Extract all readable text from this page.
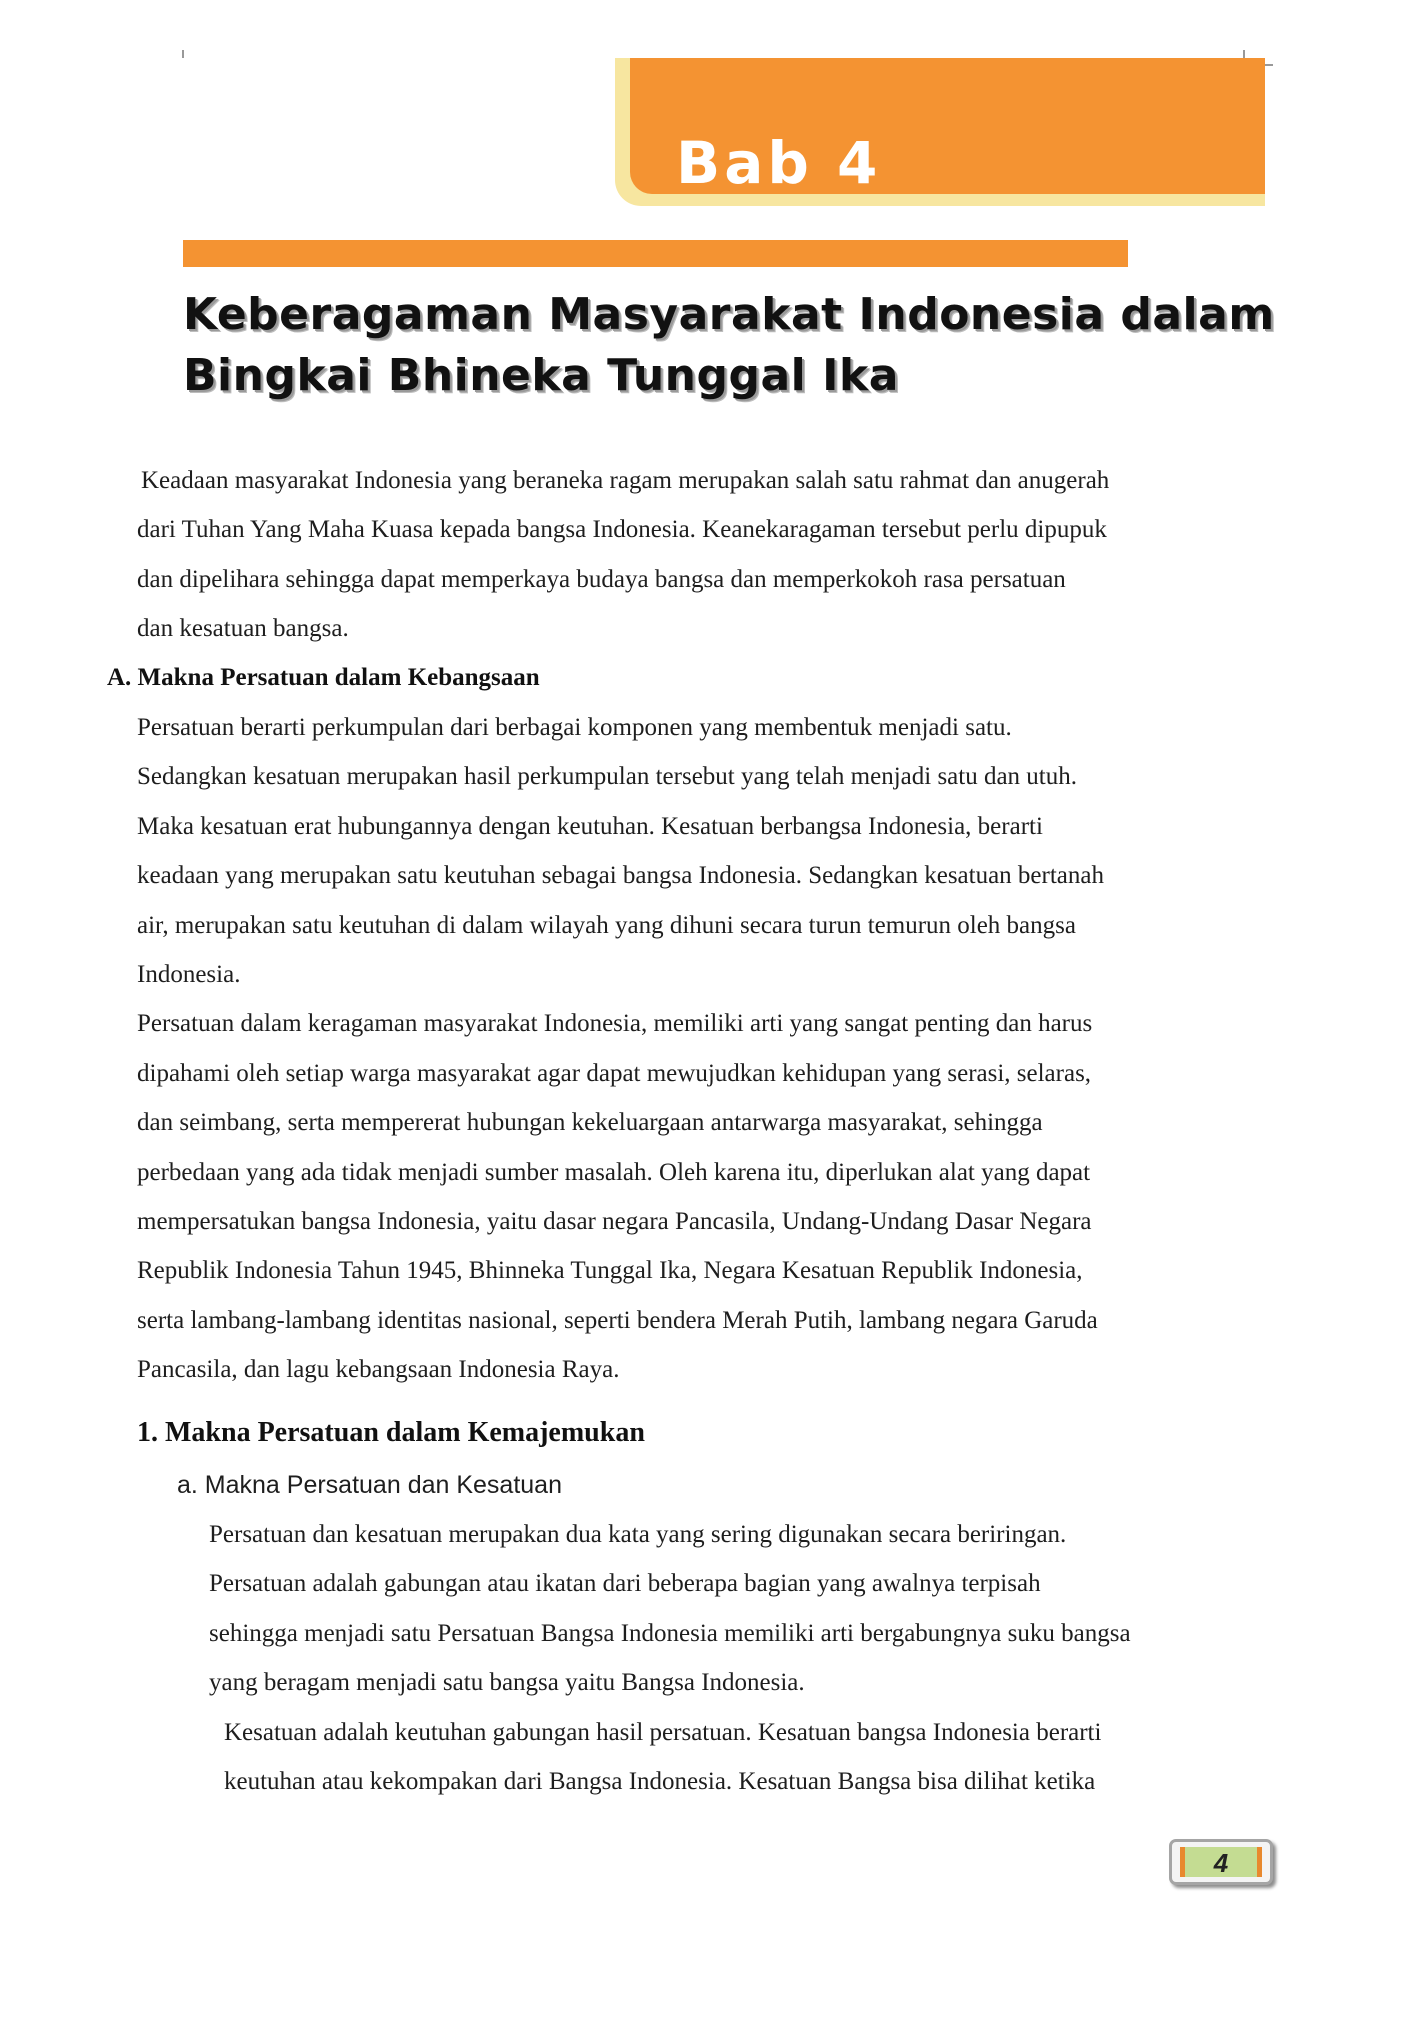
Bab 4
Keberagaman Masyarakat Indonesia dalam
Bingkai Bhineka Tunggal Ika
Keadaan masyarakat Indonesia yang beraneka ragam merupakan salah satu rahmat dan anugerah
dari Tuhan Yang Maha Kuasa kepada bangsa Indonesia. Keanekaragaman tersebut perlu dipupuk
dan dipelihara sehingga dapat memperkaya budaya bangsa dan memperkokoh rasa persatuan
dan kesatuan bangsa.
A. Makna Persatuan dalam Kebangsaan
Persatuan berarti perkumpulan dari berbagai komponen yang membentuk menjadi satu.
Sedangkan kesatuan merupakan hasil perkumpulan tersebut yang telah menjadi satu dan utuh.
Maka kesatuan erat hubungannya dengan keutuhan. Kesatuan berbangsa Indonesia, berarti
keadaan yang merupakan satu keutuhan sebagai bangsa Indonesia. Sedangkan kesatuan bertanah
air, merupakan satu keutuhan di dalam wilayah yang dihuni secara turun temurun oleh bangsa
Indonesia.
Persatuan dalam keragaman masyarakat Indonesia, memiliki arti yang sangat penting dan harus
dipahami oleh setiap warga masyarakat agar dapat mewujudkan kehidupan yang serasi, selaras,
dan seimbang, serta mempererat hubungan kekeluargaan antarwarga masyarakat, sehingga
perbedaan yang ada tidak menjadi sumber masalah. Oleh karena itu, diperlukan alat yang dapat
mempersatukan bangsa Indonesia, yaitu dasar negara Pancasila, Undang-Undang Dasar Negara
Republik Indonesia Tahun 1945, Bhinneka Tunggal Ika, Negara Kesatuan Republik Indonesia,
serta lambang-lambang identitas nasional, seperti bendera Merah Putih, lambang negara Garuda
Pancasila, dan lagu kebangsaan Indonesia Raya.
1. Makna Persatuan dalam Kemajemukan
a. Makna Persatuan dan Kesatuan
Persatuan dan kesatuan merupakan dua kata yang sering digunakan secara beriringan.
Persatuan adalah gabungan atau ikatan dari beberapa bagian yang awalnya terpisah
sehingga menjadi satu Persatuan Bangsa Indonesia memiliki arti bergabungnya suku bangsa
yang beragam menjadi satu bangsa yaitu Bangsa Indonesia.
Kesatuan adalah keutuhan gabungan hasil persatuan. Kesatuan bangsa Indonesia berarti
keutuhan atau kekompakan dari Bangsa Indonesia. Kesatuan Bangsa bisa dilihat ketika
4
